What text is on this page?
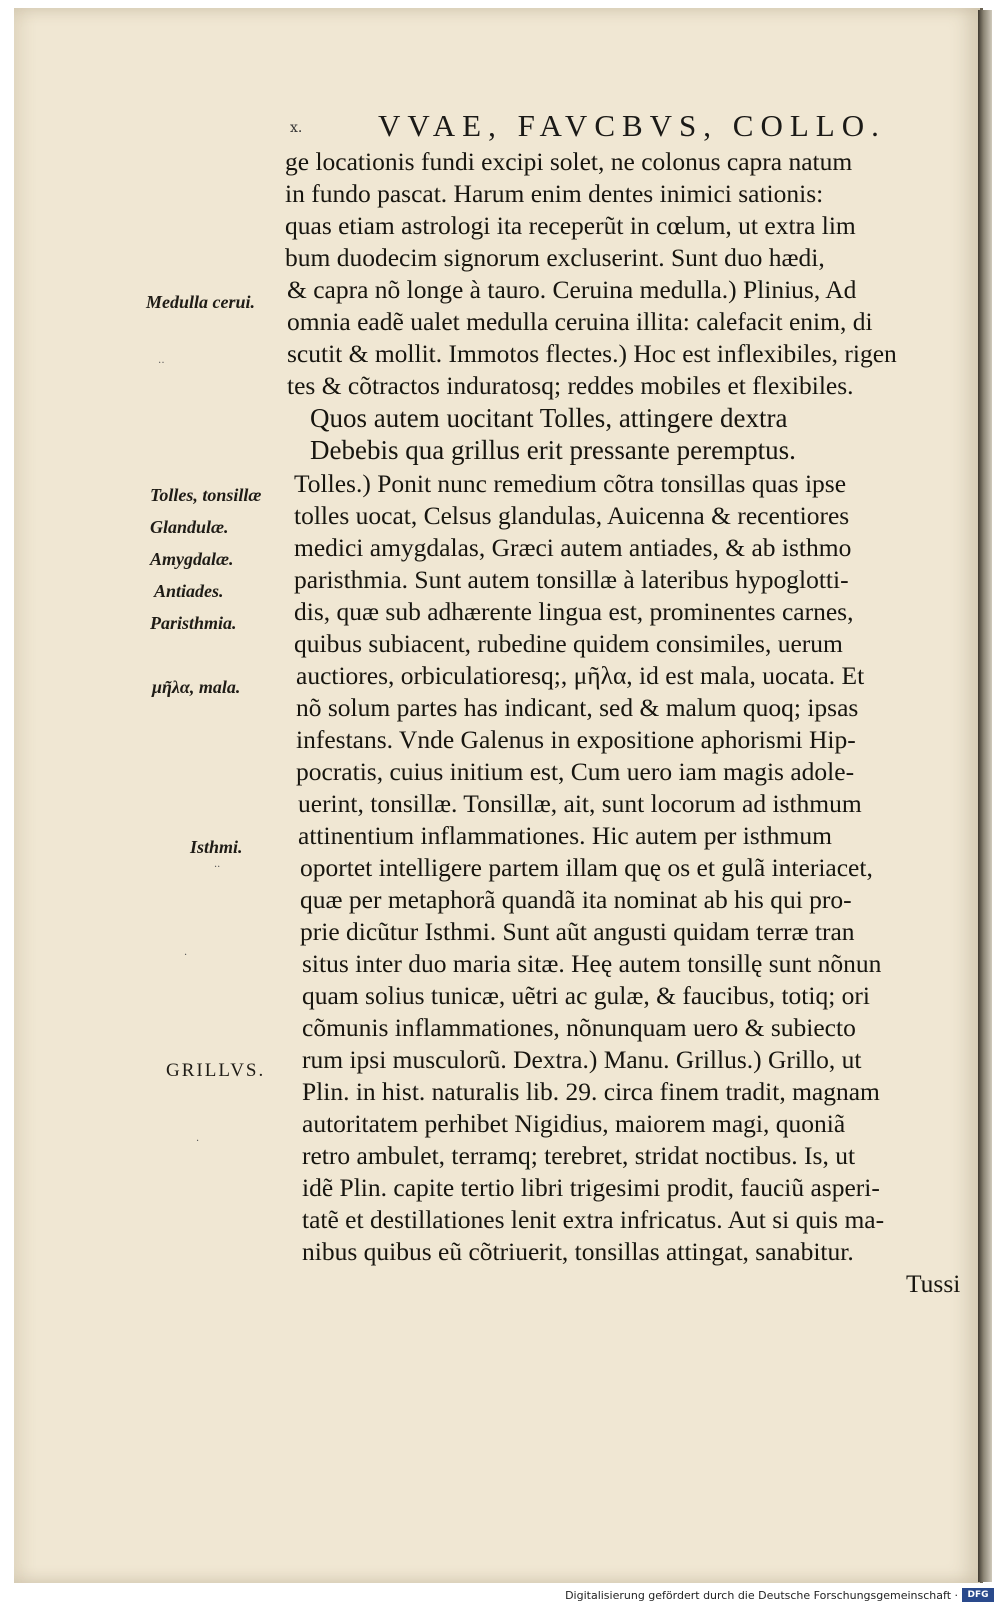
x. VVAE, FAVCBVS, COLLO.
ge locationis fundi excipi solet, ne colonus capra natum
in fundo pascat. Harum enim dentes inimici sationis:
quas etiam astrologi ita receperũt in cœlum, ut extra lim
bum duodecim signorum excluserint. Sunt duo hædi,
& capra nõ longe à tauro. Ceruina medulla.) Plinius, Ad
omnia eadẽ ualet medulla ceruina illita: calefacit enim, di
scutit & mollit. Immotos flectes.) Hoc est inflexibiles, rigen
tes & cõtractos induratosq; reddes mobiles et flexibiles.
Quos autem uocitant Tolles, attingere dextra
Debebis qua grillus erit pressante peremptus.
Tolles.) Ponit nunc remedium cõtra tonsillas quas ipse
tolles uocat, Celsus glandulas, Auicenna & recentiores
medici amygdalas, Græci autem antiades, & ab isthmo
paristhmia. Sunt autem tonsillæ à lateribus hypoglotti-
dis, quæ sub adhærente lingua est, prominentes carnes,
quibus subiacent, rubedine quidem consimiles, uerum
auctiores, orbiculatioresq;, μῆλα, id est mala, uocata. Et
nõ solum partes has indicant, sed & malum quoq; ipsas
infestans. Vnde Galenus in expositione aphorismi Hip-
pocratis, cuius initium est, Cum uero iam magis adole-
uerint, tonsillæ. Tonsillæ, ait, sunt locorum ad isthmum
attinentium inflammationes. Hic autem per isthmum
oportet intelligere partem illam quę os et gulã interiacet,
quæ per metaphorã quandã ita nominat ab his qui pro-
prie dicũtur Isthmi. Sunt aũt angusti quidam terræ tran
situs inter duo maria sitæ. Heę autem tonsillę sunt nõnun
quam solius tunicæ, uẽtri ac gulæ, & faucibus, totiq; ori
cõmunis inflammationes, nõnunquam uero & subiecto
rum ipsi musculorũ. Dextra.) Manu. Grillus.) Grillo, ut
Plin. in hist. naturalis lib. 29. circa finem tradit, magnam
autoritatem perhibet Nigidius, maiorem magi, quoniã
retro ambulet, terramq; terebret, stridat noctibus. Is, ut
idẽ Plin. capite tertio libri trigesimi prodit, fauciũ asperi-
tatẽ et destillationes lenit extra infricatus. Aut si quis ma-
nibus quibus eũ cõtriuerit, tonsillas attingat, sanabitur.
Tussi
Medulla cerui.
Tolles, tonsillæ
Glandulæ.
Amygdalæ.
Antiades.
Paristhmia.
μῆλα, mala.
Isthmi.
GRILLVS.
‥
··
·
·
Digitalisierung gefördert durch die Deutsche Forschungsgemeinschaft ·	DFG
